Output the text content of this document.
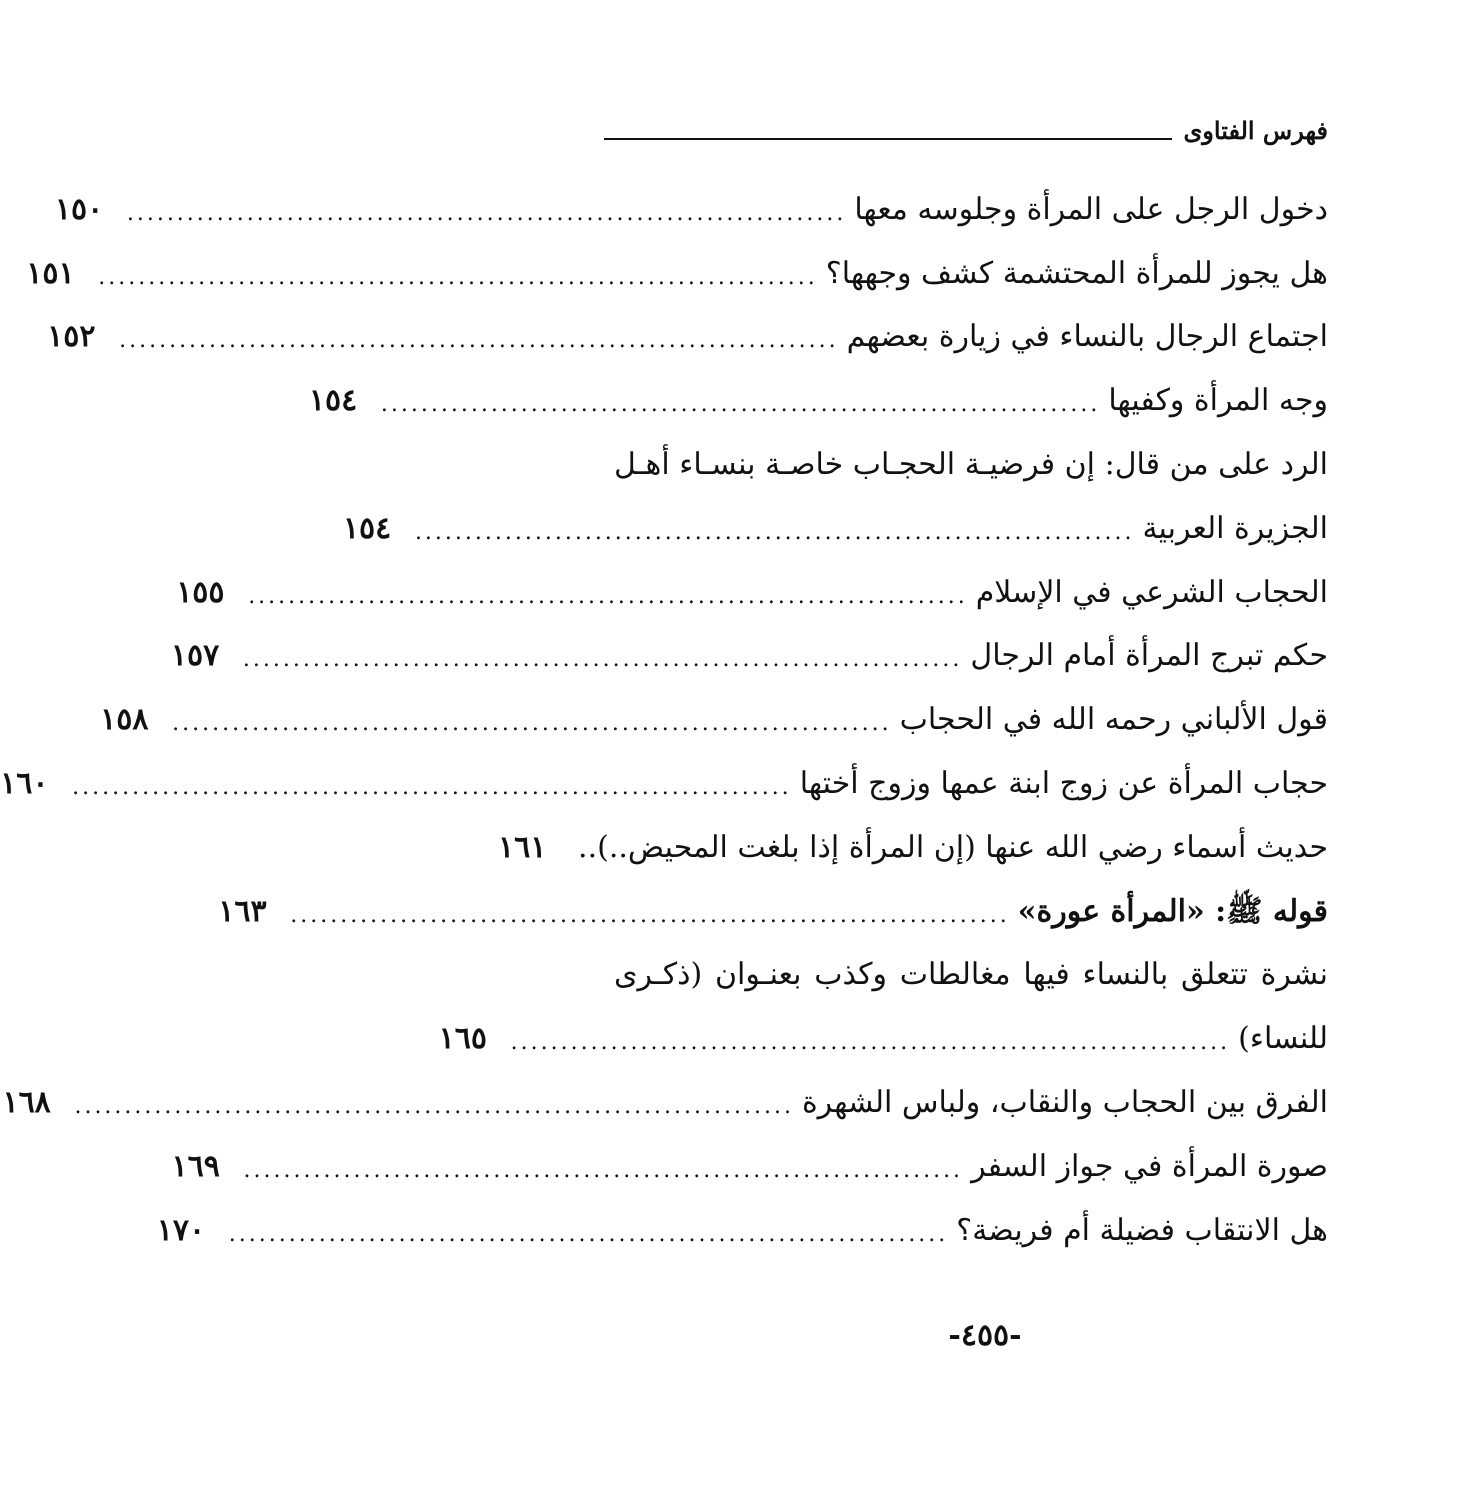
فهرس الفتاوى
دخول الرجل على المرأة وجلوسه معها
........................................................................
١٥٠
هل يجوز للمرأة المحتشمة كشف وجهها؟
........................................................................
١٥١
اجتماع الرجال بالنساء في زيارة بعضهم
........................................................................
١٥٢
وجه المرأة وكفيها
........................................................................
١٥٤
الرد على من قال: إن فرضيـة الحجـاب خاصـة بنسـاء أهـل
الجزيرة العربية
........................................................................
١٥٤
الحجاب الشرعي في الإسلام
........................................................................
١٥٥
حكم تبرج المرأة أمام الرجال
........................................................................
١٥٧
قول الألباني رحمه الله في الحجاب
........................................................................
١٥٨
حجاب المرأة عن زوج ابنة عمها وزوج أختها
........................................................................
١٦٠
حديث أسماء رضي الله عنها (إن المرأة إذا بلغت المحيض..)..
١٦١
قوله ﷺ: «المرأة عورة»
........................................................................
١٦٣
نشرة تتعلق بالنساء فيها مغالطات وكذب بعنـوان (ذكـرى
للنساء)
........................................................................
١٦٥
الفرق بين الحجاب والنقاب، ولباس الشهرة
........................................................................
١٦٨
صورة المرأة في جواز السفر
........................................................................
١٦٩
هل الانتقاب فضيلة أم فريضة؟
........................................................................
١٧٠
-٤٥٥-
